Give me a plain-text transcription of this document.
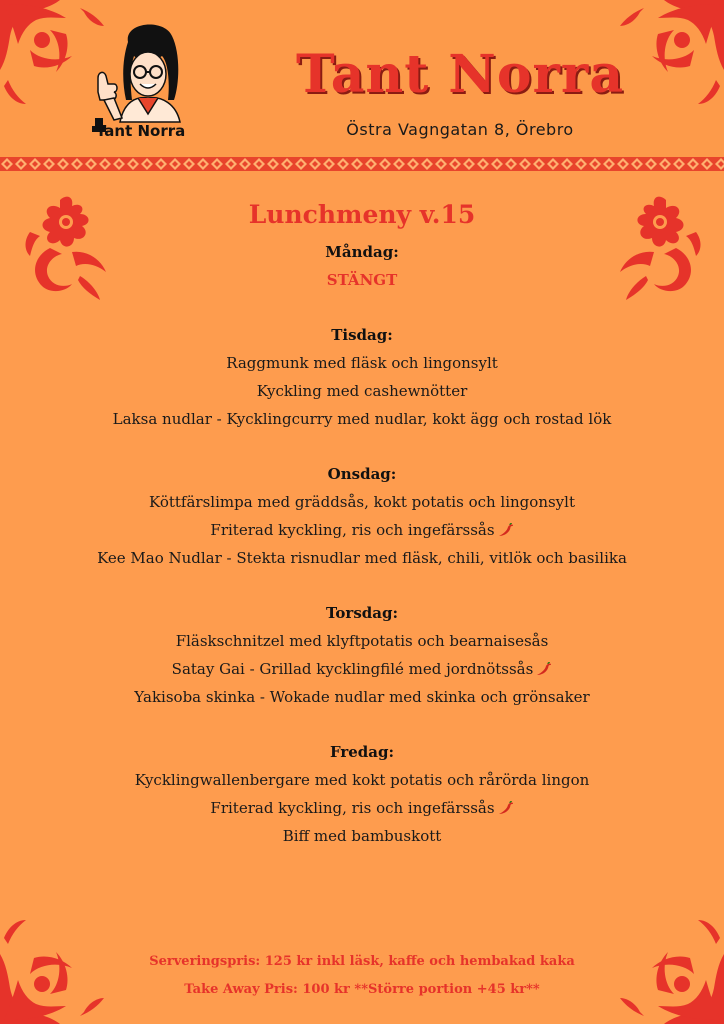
Tant Norra
Tant Norra
Östra Vagngatan 8, Örebro
Lunchmeny v.15
Måndag:
STÄNGT
Tisdag:
Raggmunk med fläsk och lingonsylt
Kyckling med cashewnötter
Laksa nudlar - Kycklingcurry med nudlar, kokt ägg och rostad lök
Onsdag:
Köttfärslimpa med gräddsås, kokt potatis och lingonsylt
Friterad kyckling, ris och ingefärssås
Kee Mao Nudlar - Stekta risnudlar med fläsk, chili, vitlök och basilika
Torsdag:
Fläskschnitzel med klyftpotatis och bearnaisesås
Satay Gai - Grillad kycklingfilé med jordnötssås
Yakisoba skinka - Wokade nudlar med skinka och grönsaker
Fredag:
Kycklingwallenbergare med kokt potatis och rårörda lingon
Friterad kyckling, ris och ingefärssås
Biff med bambuskott
Serveringspris: 125 kr inkl läsk, kaffe och hembakad kaka
Take Away Pris: 100 kr **Större portion +45 kr**
